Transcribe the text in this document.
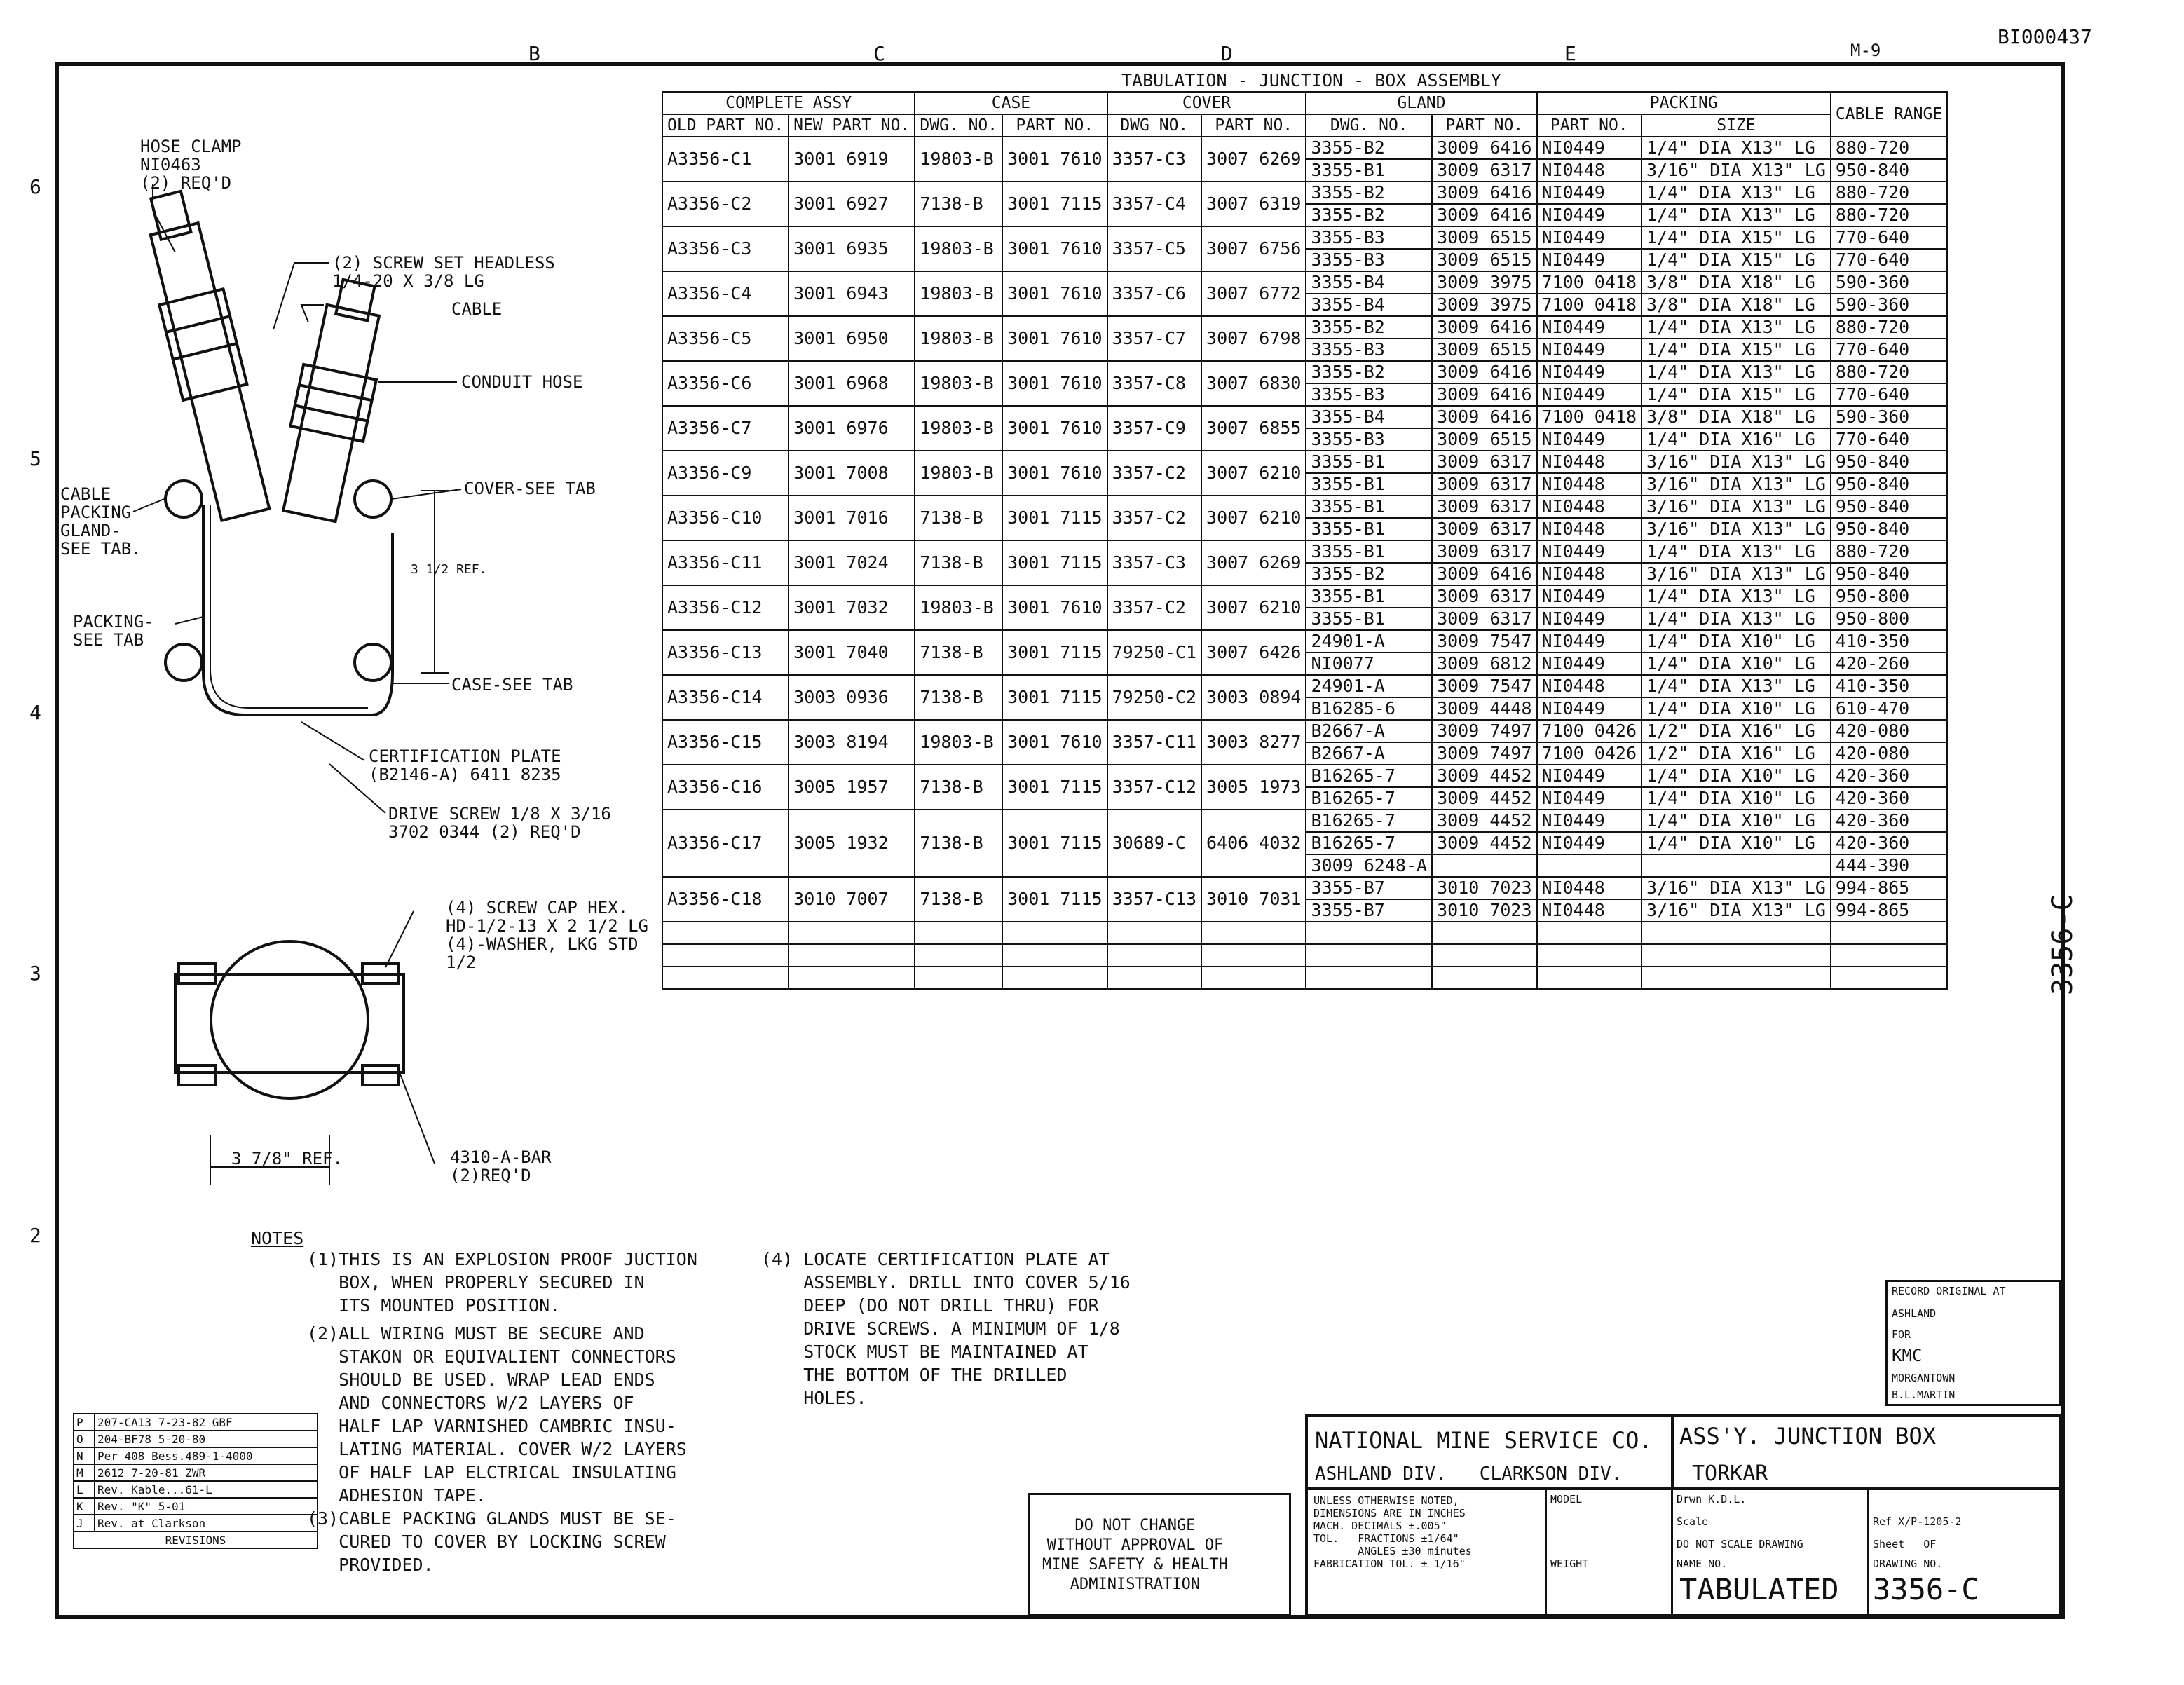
BI000437
M-9
B	C	D	E
6
5
4
3
2
TABULATION - JUNCTION - BOX ASSEMBLY
COMPLETE ASSY		CASE		COVER		GLAND		PACKING		CABLE RANGE
OLD PART NO.	NEW PART NO.	DWG. NO.	PART NO.	DWG NO.	PART NO.	DWG. NO.	PART NO.	PART NO.	SIZE	
A3356-C1	3001 6919	19803-B	3001 7610	3357-C3	3007 6269	3355-B2	3009 6416	NI0449	1/4" DIA X13" LG	880-720
						3355-B1	3009 6317	NI0448	3/16" DIA X13" LG	950-840
A3356-C2	3001 6927	7138-B	3001 7115	3357-C4	3007 6319	3355-B2	3009 6416	NI0449	1/4" DIA X13" LG	880-720
						3355-B2	3009 6416	NI0449	1/4" DIA X13" LG	880-720
A3356-C3	3001 6935	19803-B	3001 7610	3357-C5	3007 6756	3355-B3	3009 6515	NI0449	1/4" DIA X15" LG	770-640
						3355-B3	3009 6515	NI0449	1/4" DIA X15" LG	770-640
A3356-C4	3001 6943	19803-B	3001 7610	3357-C6	3007 6772	3355-B4	3009 3975	7100 0418	3/8" DIA X18" LG	590-360
						3355-B4	3009 3975	7100 0418	3/8" DIA X18" LG	590-360
A3356-C5	3001 6950	19803-B	3001 7610	3357-C7	3007 6798	3355-B2	3009 6416	NI0449	1/4" DIA X13" LG	880-720
						3355-B3	3009 6515	NI0449	1/4" DIA X15" LG	770-640
A3356-C6	3001 6968	19803-B	3001 7610	3357-C8	3007 6830	3355-B2	3009 6416	NI0449	1/4" DIA X13" LG	880-720
						3355-B3	3009 6416	NI0449	1/4" DIA X15" LG	770-640
A3356-C7	3001 6976	19803-B	3001 7610	3357-C9	3007 6855	3355-B4	3009 6416	7100 0418	3/8" DIA X18" LG	590-360
						3355-B3	3009 6515	NI0449	1/4" DIA X16" LG	770-640
A3356-C9	3001 7008	19803-B	3001 7610	3357-C2	3007 6210	3355-B1	3009 6317	NI0448	3/16" DIA X13" LG	950-840
						3355-B1	3009 6317	NI0448	3/16" DIA X13" LG	950-840
A3356-C10	3001 7016	7138-B	3001 7115	3357-C2	3007 6210	3355-B1	3009 6317	NI0448	3/16" DIA X13" LG	950-840
						3355-B1	3009 6317	NI0448	3/16" DIA X13" LG	950-840
A3356-C11	3001 7024	7138-B	3001 7115	3357-C3	3007 6269	3355-B1	3009 6317	NI0449	1/4" DIA X13" LG	880-720
						3355-B2	3009 6416	NI0448	3/16" DIA X13" LG	950-840
A3356-C12	3001 7032	19803-B	3001 7610	3357-C2	3007 6210	3355-B1	3009 6317	NI0449	1/4" DIA X13" LG	950-800
						3355-B1	3009 6317	NI0449	1/4" DIA X13" LG	950-800
A3356-C13	3001 7040	7138-B	3001 7115	79250-C1	3007 6426	24901-A	3009 7547	NI0449	1/4" DIA X10" LG	410-350
						NI0077	3009 6812	NI0449	1/4" DIA X10" LG	420-260
A3356-C14	3003 0936	7138-B	3001 7115	79250-C2	3003 0894	24901-A	3009 7547	NI0448	1/4" DIA X13" LG	410-350
						B16285-6	3009 4448	NI0449	1/4" DIA X10" LG	610-470
A3356-C15	3003 8194	19803-B	3001 7610	3357-C11	3003 8277	B2667-A	3009 7497	7100 0426	1/2" DIA X16" LG	420-080
						B2667-A	3009 7497	7100 0426	1/2" DIA X16" LG	420-080
A3356-C16	3005 1957	7138-B	3001 7115	3357-C12	3005 1973	B16265-7	3009 4452	NI0449	1/4" DIA X10" LG	420-360
						B16265-7	3009 4452	NI0449	1/4" DIA X10" LG	420-360
A3356-C17	3005 1932	7138-B	3001 7115	30689-C	6406 4032	B16265-7	3009 4452	NI0449	1/4" DIA X10" LG	420-360
						B16265-7	3009 4452	NI0449	1/4" DIA X10" LG	420-360
						3009 6248-A				444-390
A3356-C18	3010 7007	7138-B	3001 7115	3357-C13	3010 7031	3355-B7	3010 7023	NI0448	3/16" DIA X13" LG	994-865
						3355-B7	3010 7023	NI0448	3/16" DIA X13" LG	994-865

HOSE CLAMP
NI0463
(2) REQ'D
(2) SCREW SET HEADLESS
1/4-20 X 3/8 LG
CABLE
CONDUIT HOSE
CABLE
PACKING
GLAND-
SEE TAB.
COVER-SEE TAB
PACKING-
SEE TAB
3 1/2 REF.
CASE-SEE TAB
CERTIFICATION PLATE
(B2146-A) 6411 8235
DRIVE SCREW 1/8 X 3/16
3702 0344 (2) REQ'D
(4) SCREW CAP HEX.
HD-1/2-13 X 2 1/2 LG
(4)-WASHER, LKG STD
1/2
3 7/8" REF.	4310-A-BAR
(2)REQ'D
NOTES
(1)THIS IS AN EXPLOSION PROOF JUCTION
BOX, WHEN PROPERLY SECURED IN
ITS MOUNTED POSITION.
(2)ALL WIRING MUST BE SECURE AND
STAKON OR EQUIVALIENT CONNECTORS
SHOULD BE USED. WRAP LEAD ENDS
AND CONNECTORS W/2 LAYERS OF
HALF LAP VARNISHED CAMBRIC INSU-
LATING MATERIAL. COVER W/2 LAYERS
OF HALF LAP ELCTRICAL INSULATING
ADHESION TAPE.
(3)CABLE PACKING GLANDS MUST BE SE-
CURED TO COVER BY LOCKING SCREW
PROVIDED.
(4) LOCATE CERTIFICATION PLATE AT
ASSEMBLY. DRILL INTO COVER 5/16
DEEP (DO NOT DRILL THRU) FOR
DRIVE SCREWS. A MINIMUM OF 1/8
STOCK MUST BE MAINTAINED AT
THE BOTTOM OF THE DRILLED
HOLES.
P	207-CA13 7-23-82 GBF
O	204-BF78 5-20-80
N	Per 408 Bess.489-1-4000
M	2612 7-20-81 ZWR
L	Rev. Kable...61-L
K	Rev. "K" 5-01
J	Rev. at Clarkson
REVISIONS	
DO NOT CHANGE
WITHOUT APPROVAL OF
MINE SAFETY & HEALTH
ADMINISTRATION
RECORD ORIGINAL AT
ASHLAND
FOR
KMC
MORGANTOWN
B.L.MARTIN
NATIONAL MINE SERVICE CO.
ASHLAND DIV.   CLARKSON DIV.
ASS'Y. JUNCTION BOX
TORKAR
UNLESS OTHERWISE NOTED,
DIMENSIONS ARE IN INCHES
MACH. DECIMALS ±.005"
TOL.   FRACTIONS ±1/64"
ANGLES ±30 minutes
FABRICATION TOL. ± 1/16"
MODEL
WEIGHT
Drwn K.D.L.
Scale
DO NOT SCALE DRAWING
NAME NO.
TABULATED
Ref X/P-1205-2
Sheet   OF
DRAWING NO.
3356-C
3356-C
